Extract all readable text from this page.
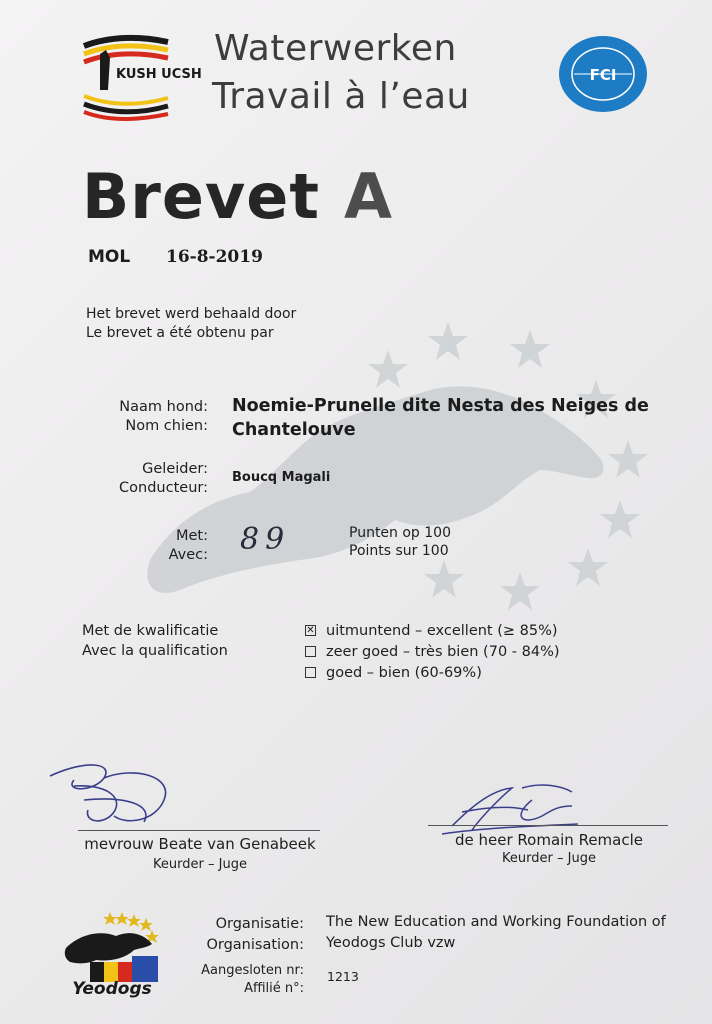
KUSH UCSH
Waterwerken
Travail à l’eau
FCI
Brevet A
MOL 16-8-2019
Het brevet werd behaald door
Le brevet a été obtenu par
Naam hond:
Nom chien:
Noemie-Prunelle dite Nesta des Neiges de
Chantelouve
Geleider:
Conducteur:
Boucq Magali
Met:
Avec: 89	Punten op 100
Points sur 100
Met de kwalificatie
Avec la qualification
✕ uitmuntend – excellent (≥ 85%)
zeer goed – très bien (70 - 84%)
goed – bien (60-69%)
mevrouw Beate van Genabeek
Keurder – Juge
de heer Romain Remacle
Keurder – Juge
Yeodogs
Organisatie:
Organisation:
The New Education and Working Foundation of
Yeodogs Club vzw
Aangesloten nr:
Affilié n°:
1213
